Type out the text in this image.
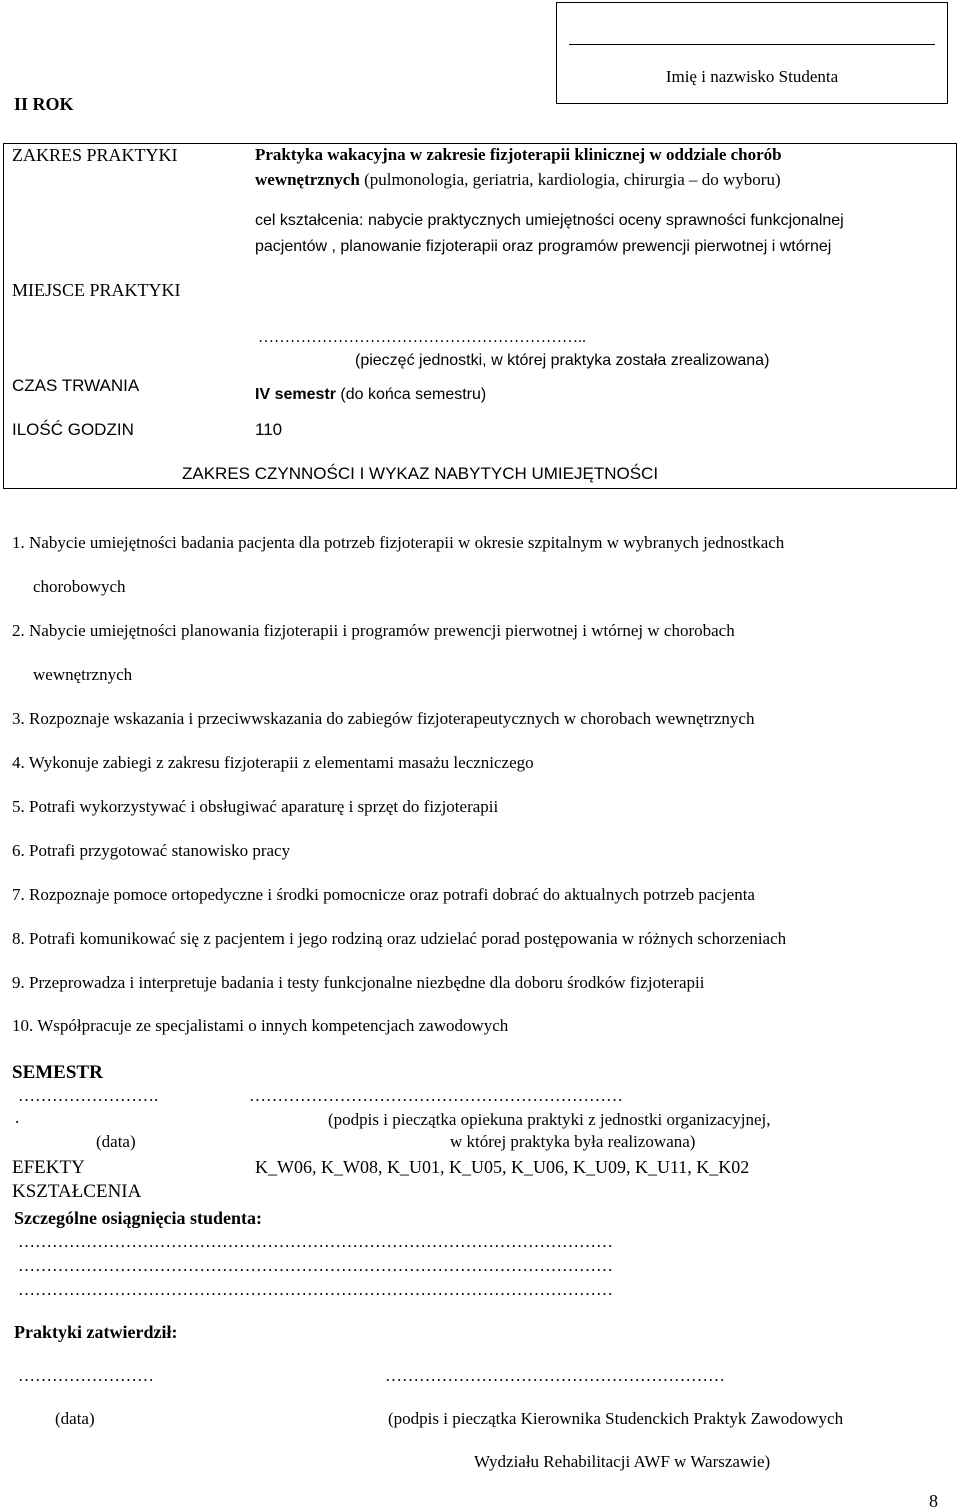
II ROK
Imię i nazwisko Studenta
ZAKRES PRAKTYKI	Praktyka wakacyjna w zakresie fizjoterapii klinicznej w oddziale chorób
wewnętrznych (pulmonologia, geriatria, kardiologia, chirurgia – do wyboru)
cel kształcenia: nabycie praktycznych umiejętności oceny sprawności funkcjonalnej
pacjentów , planowanie fizjoterapii oraz programów prewencji pierwotnej i wtórnej
MIEJSCE PRAKTYKI
……………………………………………………..
(pieczęć jednostki, w której praktyka została zrealizowana)
CZAS TRWANIA	IV semestr (do końca semestru)
ILOŚĆ GODZIN	110
ZAKRES CZYNNOŚCI I WYKAZ NABYTYCH UMIEJĘTNOŚCI
1. Nabycie umiejętności badania pacjenta dla potrzeb fizjoterapii w okresie szpitalnym w wybranych jednostkach
chorobowych
2. Nabycie umiejętności planowania fizjoterapii i programów prewencji pierwotnej i wtórnej w chorobach
wewnętrznych
3. Rozpoznaje wskazania i przeciwwskazania do zabiegów fizjoterapeutycznych w chorobach wewnętrznych
4. Wykonuje zabiegi z zakresu fizjoterapii z elementami masażu leczniczego
5. Potrafi wykorzystywać i obsługiwać aparaturę i sprzęt do fizjoterapii
6. Potrafi przygotować stanowisko pracy
7. Rozpoznaje pomoce ortopedyczne i środki pomocnicze oraz potrafi dobrać do aktualnych potrzeb pacjenta
8. Potrafi komunikować się z pacjentem i jego rodziną oraz udzielać porad postępowania w różnych schorzeniach
9. Przeprowadza i interpretuje badania i testy funkcjonalne niezbędne dla doboru środków fizjoterapii
10. Współpracuje ze specjalistami o innych kompetencjach zawodowych
SEMESTR
…………………….
.
(data)
…………………………………………………………
(podpis i pieczątka opiekuna praktyki z jednostki organizacyjnej,
w której praktyka była realizowana)
EFEKTY
KSZTAŁCENIA
K_W06, K_W08, K_U01, K_U05, K_U06, K_U09, K_U11, K_K02
Szczególne osiągnięcia studenta:
……………………………………………………………………………………………
……………………………………………………………………………………………
……………………………………………………………………………………………
Praktyki zatwierdził:
……………………	……………………………………………………
(data)	(podpis i pieczątka Kierownika Studenckich Praktyk Zawodowych
Wydziału Rehabilitacji AWF w Warszawie)
8
